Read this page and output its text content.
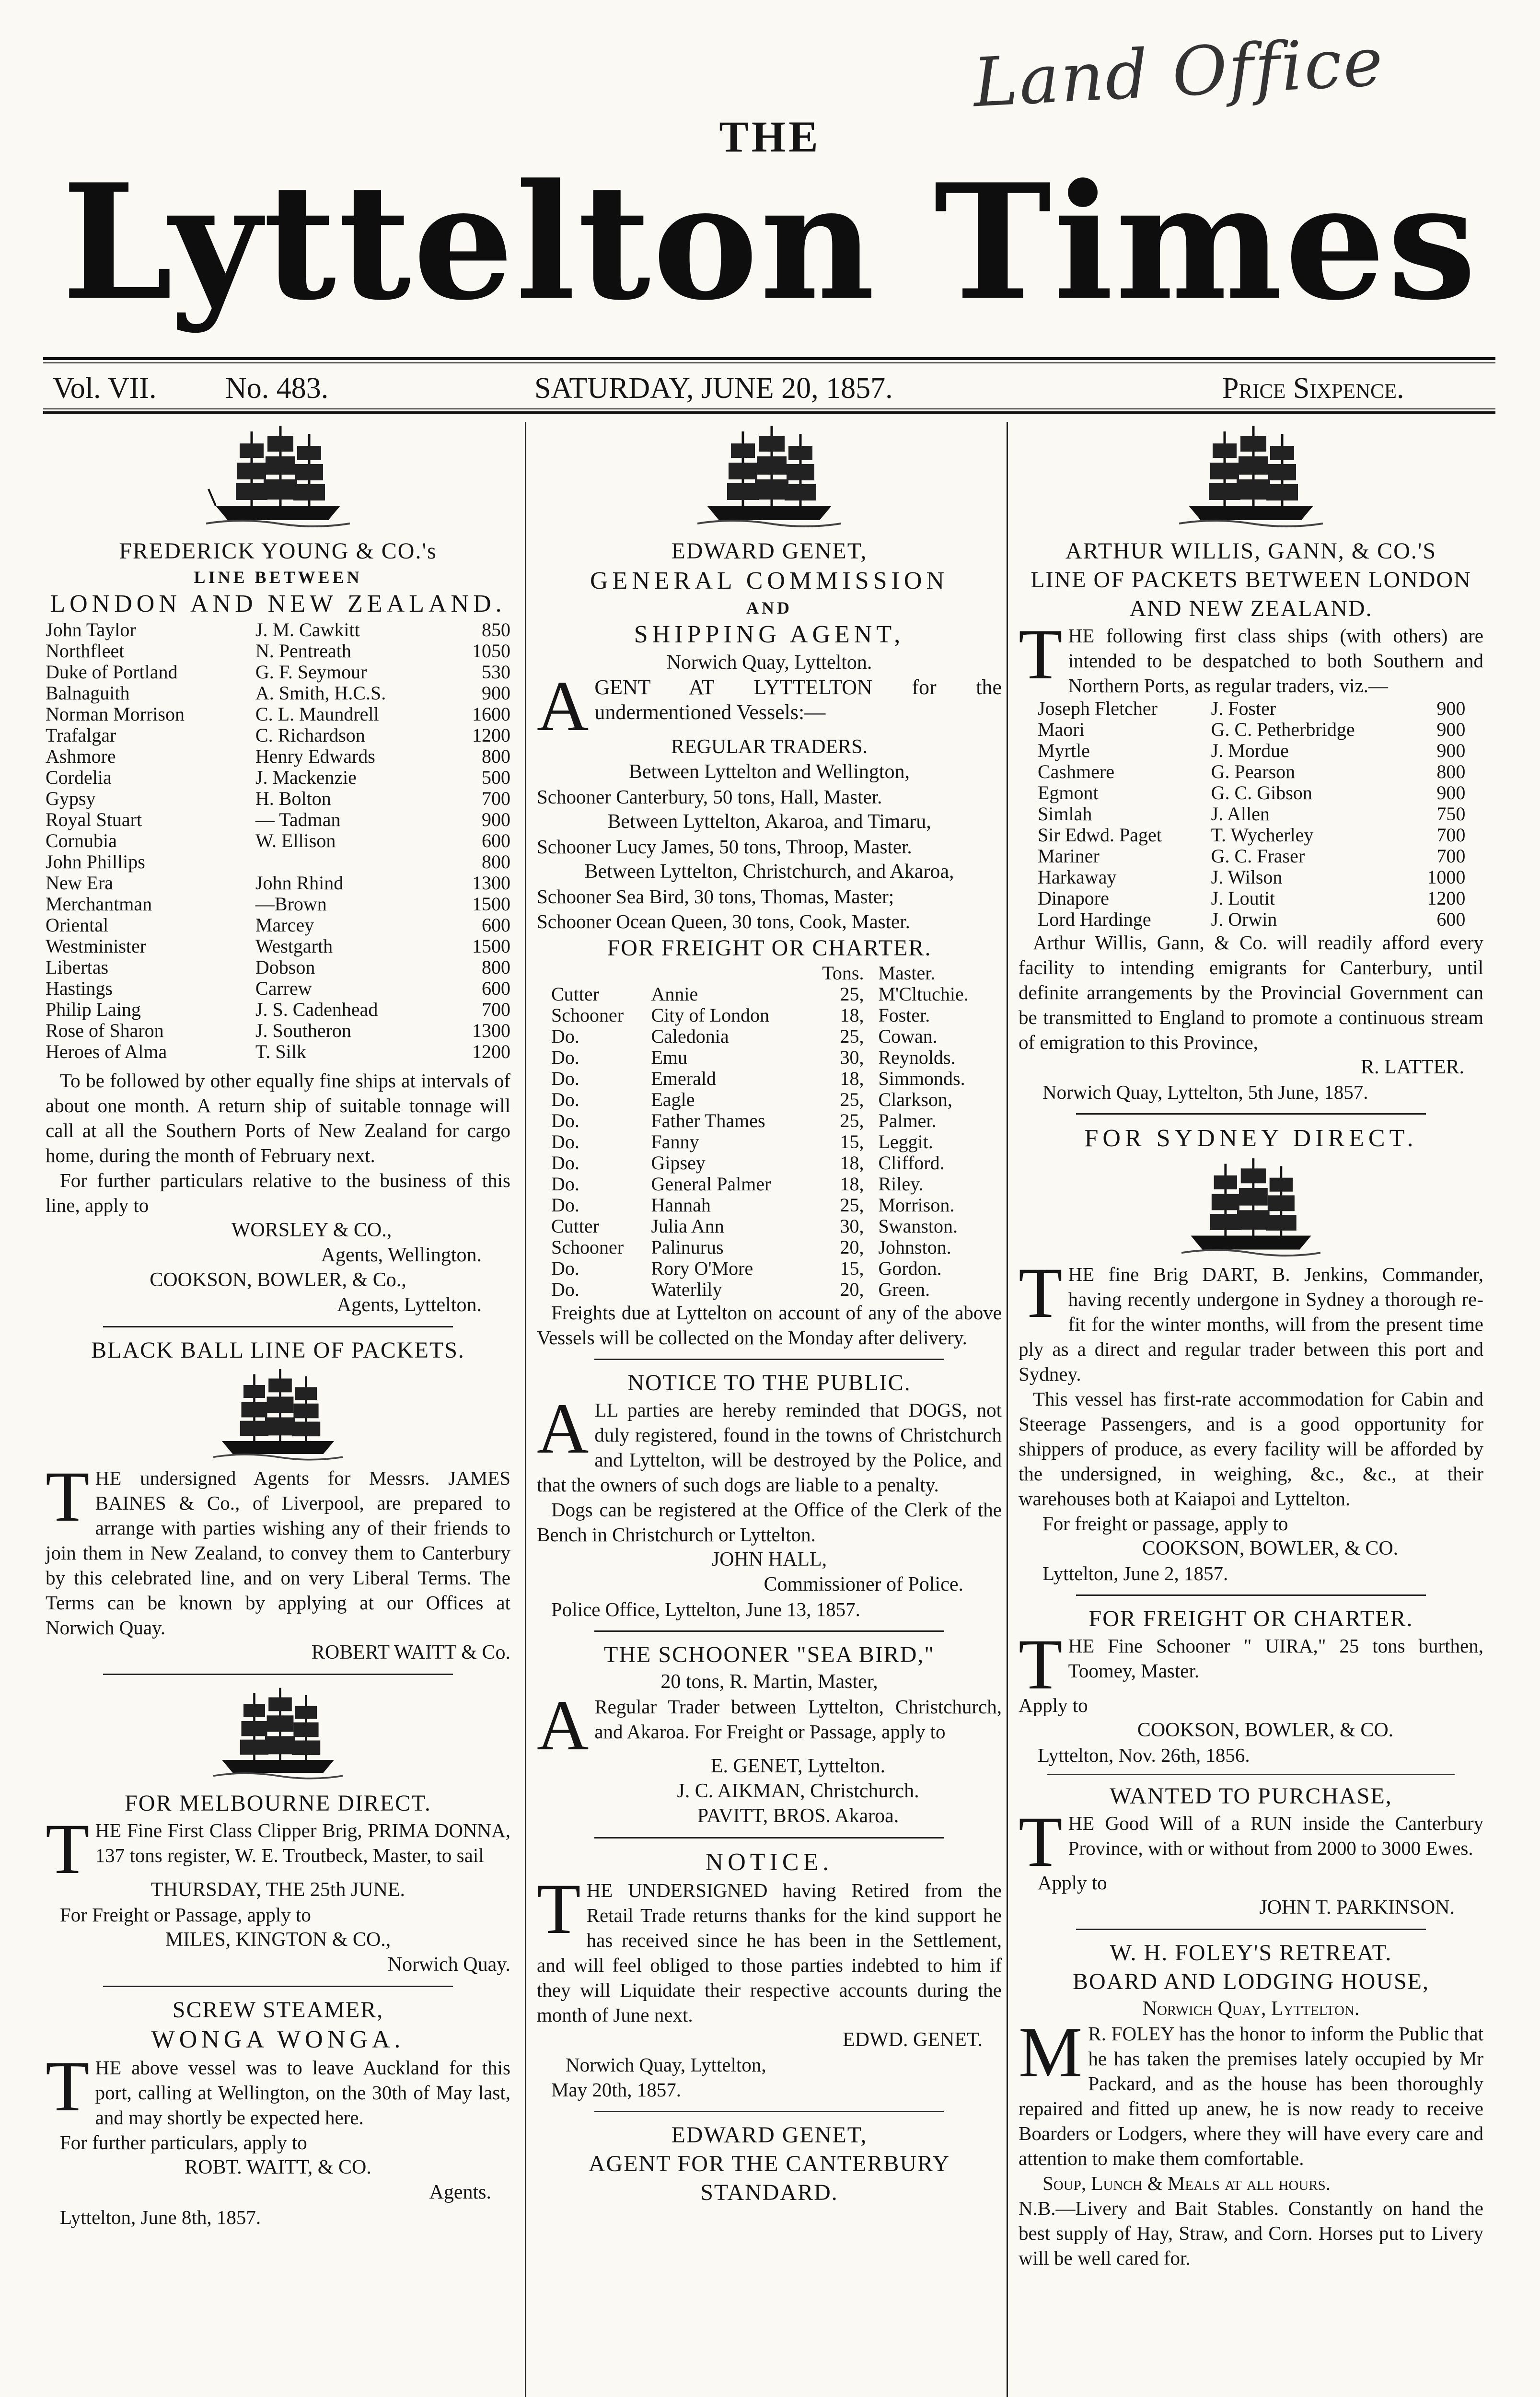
Land Office
THE
Lyttelton Times
Vol. VII. No. 483.	SATURDAY, JUNE 20, 1857.	Price Sixpence.

FREDERICK YOUNG & CO.'s

LINE BETWEEN

LONDON AND NEW ZEALAND.

John Taylor	J. M. Cawkitt	850
Northfleet	N. Pentreath	1050
Duke of Portland	G. F. Seymour	530
Balnaguith	A. Smith, H.C.S.	900
Norman Morrison	C. L. Maundrell	1600
Trafalgar	C. Richardson	1200
Ashmore	Henry Edwards	800
Cordelia	J. Mackenzie	500
Gypsy	H. Bolton	700
Royal Stuart	— Tadman	900
Cornubia	W. Ellison	600
John Phillips		800
New Era	John Rhind	1300
Merchantman	—Brown	1500
Oriental	Marcey	600
Westminister	Westgarth	1500
Libertas	Dobson	800
Hastings	Carrew	600
Philip Laing	J. S. Cadenhead	700
Rose of Sharon	J. Southeron	1300
Heroes of Alma	T. Silk	1200

To be followed by other equally fine ships at intervals of about one month. A return ship of suitable tonnage will call at all the Southern Ports of New Zealand for cargo home, during the month of February next.

For further particulars relative to the business of this line, apply to

WORSLEY & CO.,

Agents, Wellington.

COOKSON, BOWLER, & Co.,

Agents, Lyttelton.

BLACK BALL LINE OF PACKETS.

THE undersigned Agents for Messrs. JAMES BAINES & Co., of Liverpool, are prepared to arrange with parties wishing any of their friends to join them in New Zealand, to convey them to Canterbury by this celebrated line, and on very Liberal Terms. The Terms can be known by applying at our Offices at Norwich Quay.

ROBERT WAITT & Co.

FOR MELBOURNE DIRECT.

THE Fine First Class Clipper Brig, PRIMA DONNA, 137 tons register, W. E. Troutbeck, Master, to sail

THURSDAY, THE 25th JUNE.

For Freight or Passage, apply to

MILES, KINGTON & CO.,

Norwich Quay.

SCREW STEAMER,

WONGA WONGA.

THE above vessel was to leave Auckland for this port, calling at Wellington, on the 30th of May last, and may shortly be expected here.

For further particulars, apply to

ROBT. WAITT, & CO.

Agents.

Lyttelton, June 8th, 1857.

EDWARD GENET,

GENERAL COMMISSION

AND

SHIPPING AGENT,

Norwich Quay, Lyttelton.

AGENT AT LYTTELTON for the undermentioned Vessels:—

REGULAR TRADERS.

Between Lyttelton and Wellington,

Schooner Canterbury, 50 tons, Hall, Master.

Between Lyttelton, Akaroa, and Timaru,

Schooner Lucy James, 50 tons, Throop, Master.

Between Lyttelton, Christchurch, and Akaroa,

Schooner Sea Bird, 30 tons, Thomas, Master;

Schooner Ocean Queen, 30 tons, Cook, Master.

FOR FREIGHT OR CHARTER.

		Tons.	Master.
Cutter	Annie	25,	M'Cltuchie.
Schooner	City of London	18,	Foster.
Do.	Caledonia	25,	Cowan.
Do.	Emu	30,	Reynolds.
Do.	Emerald	18,	Simmonds.
Do.	Eagle	25,	Clarkson,
Do.	Father Thames	25,	Palmer.
Do.	Fanny	15,	Leggit.
Do.	Gipsey	18,	Clifford.
Do.	General Palmer	18,	Riley.
Do.	Hannah	25,	Morrison.
Cutter	Julia Ann	30,	Swanston.
Schooner	Palinurus	20,	Johnston.
Do.	Rory O'More	15,	Gordon.
Do.	Waterlily	20,	Green.

Freights due at Lyttelton on account of any of the above Vessels will be collected on the Monday after delivery.

NOTICE TO THE PUBLIC.

ALL parties are hereby reminded that DOGS, not duly registered, found in the towns of Christchurch and Lyttelton, will be destroyed by the Police, and that the owners of such dogs are liable to a penalty.

Dogs can be registered at the Office of the Clerk of the Bench in Christchurch or Lyttelton.

JOHN HALL,

Commissioner of Police.

Police Office, Lyttelton, June 13, 1857.

THE SCHOONER "SEA BIRD,"

20 tons, R. Martin, Master,

A Regular Trader between Lyttelton, Christchurch, and Akaroa. For Freight or Passage, apply to

E. GENET, Lyttelton.

J. C. AIKMAN, Christchurch.

PAVITT, BROS. Akaroa.

NOTICE.

THE UNDERSIGNED having Retired from the Retail Trade returns thanks for the kind support he has received since he has been in the Settlement, and will feel obliged to those parties indebted to him if they will Liquidate their respective accounts during the month of June next.

EDWD. GENET.

Norwich Quay, Lyttelton,

May 20th, 1857.

EDWARD GENET,

AGENT FOR THE CANTERBURY

STANDARD.

ARTHUR WILLIS, GANN, & CO.'S

LINE OF PACKETS BETWEEN LONDON

AND NEW ZEALAND.

THE following first class ships (with others) are intended to be despatched to both Southern and Northern Ports, as regular traders, viz.—

Joseph Fletcher	J. Foster	900
Maori	G. C. Petherbridge	900
Myrtle	J. Mordue	900
Cashmere	G. Pearson	800
Egmont	G. C. Gibson	900
Simlah	J. Allen	750
Sir Edwd. Paget	T. Wycherley	700
Mariner	G. C. Fraser	700
Harkaway	J. Wilson	1000
Dinapore	J. Loutit	1200
Lord Hardinge	J. Orwin	600

Arthur Willis, Gann, & Co. will readily afford every facility to intending emigrants for Canterbury, until definite arrangements by the Provincial Government can be transmitted to England to promote a continuous stream of emigration to this Province,

R. LATTER.

Norwich Quay, Lyttelton, 5th June, 1857.

FOR SYDNEY DIRECT.

THE fine Brig DART, B. Jenkins, Commander, having recently undergone in Sydney a thorough re-fit for the winter months, will from the present time ply as a direct and regular trader between this port and Sydney.

This vessel has first-rate accommodation for Cabin and Steerage Passengers, and is a good opportunity for shippers of produce, as every facility will be afforded by the undersigned, in weighing, &c., &c., at their warehouses both at Kaiapoi and Lyttelton.

For freight or passage, apply to

COOKSON, BOWLER, & CO.

Lyttelton, June 2, 1857.

FOR FREIGHT OR CHARTER.

THE Fine Schooner " UIRA," 25 tons burthen, Toomey, Master.

Apply to

COOKSON, BOWLER, & CO.

Lyttelton, Nov. 26th, 1856.

WANTED TO PURCHASE,

THE Good Will of a RUN inside the Canterbury Province, with or without from 2000 to 3000 Ewes.

Apply to

JOHN T. PARKINSON.

W. H. FOLEY'S RETREAT.

BOARD AND LODGING HOUSE,

Norwich Quay, Lyttelton.

M R. FOLEY has the honor to inform the Public that he has taken the premises lately occupied by Mr Packard, and as the house has been thoroughly repaired and fitted up anew, he is now ready to receive Boarders or Lodgers, where they will have every care and attention to make them comfortable.

Soup, Lunch & Meals at all hours.

N.B.—Livery and Bait Stables. Constantly on hand the best supply of Hay, Straw, and Corn. Horses put to Livery will be well cared for.
